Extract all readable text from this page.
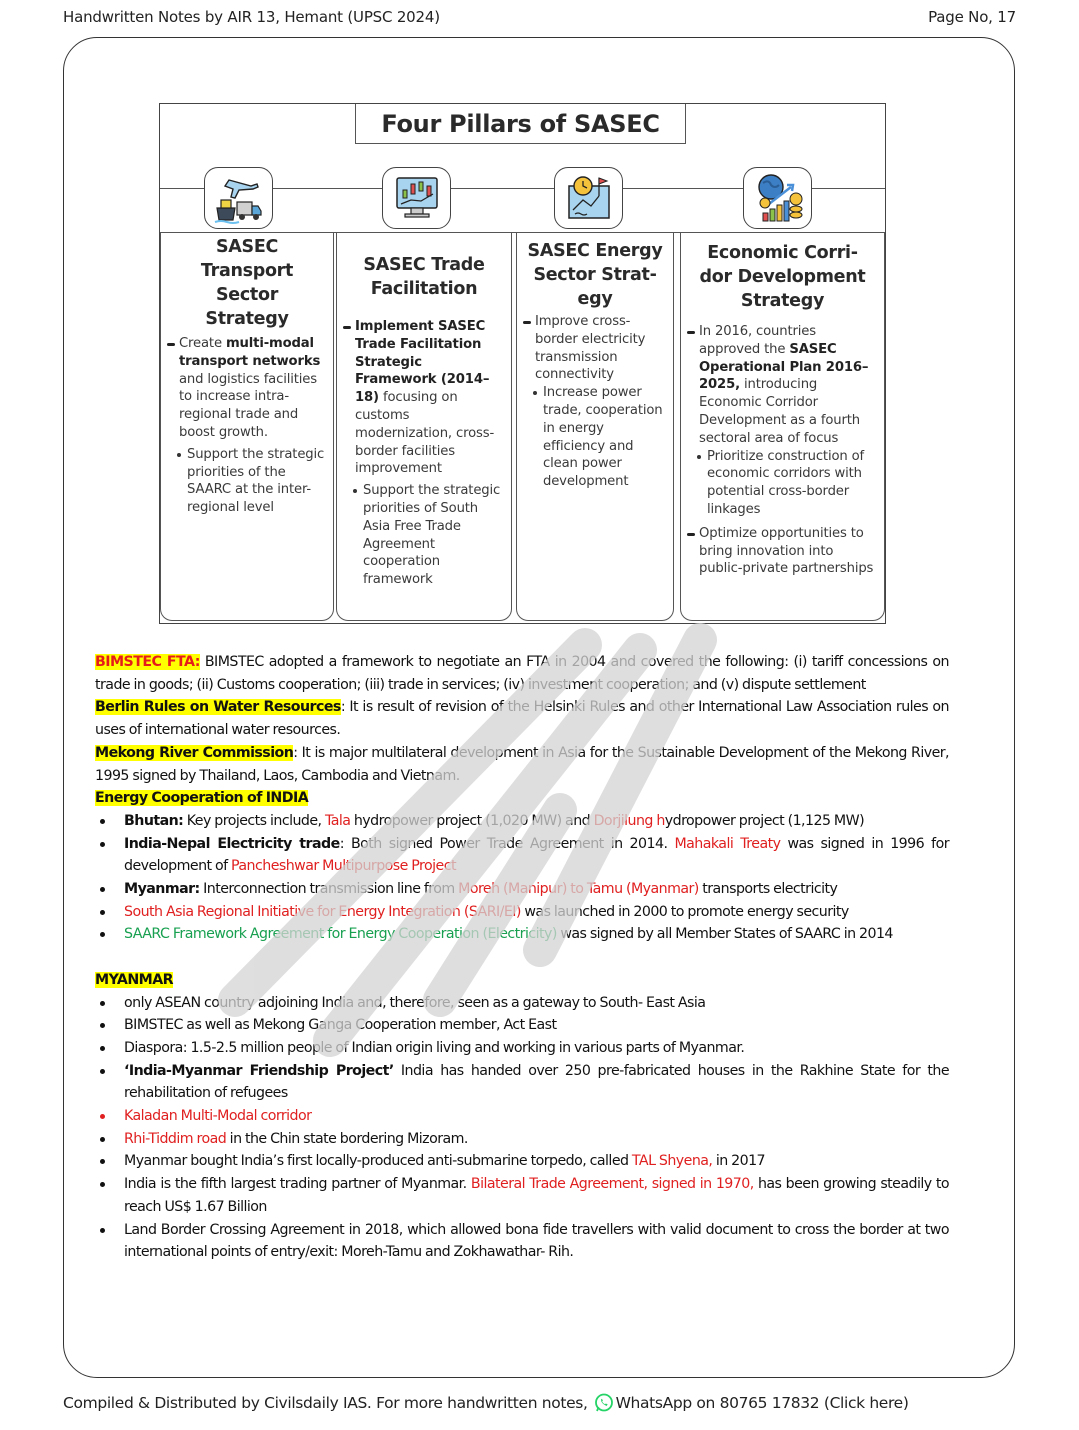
Handwritten Notes by AIR 13, Hemant (UPSC 2024)	Page No, 17
Four Pillars of SASEC
SASEC
Transport
Sector
Strategy
Create multi-modal transport networks and logistics facilities to increase intra-regional trade and boost growth.
Support the strategic priorities of the SAARC at the inter-regional level
SASEC Trade
Facilitation
Implement SASEC Trade Facilitation Strategic Framework (2014–18) focusing on customs modernization, cross-border facilities improvement
Support the strategic priorities of South Asia Free Trade Agreement cooperation framework
SASEC Energy
Sector Strat-
egy
Improve cross-border electricity transmission connectivity
Increase power trade, cooperation in energy efficiency and clean power development
Economic Corri-
dor Development
Strategy
In 2016, countries approved the SASEC Operational Plan 2016–2025, introducing Economic Corridor Development as a fourth sectoral area of focus
Prioritize construction of economic corridors with potential cross-border linkages
Optimize opportunities to bring innovation into public-private partnerships
BIMSTEC FTA: BIMSTEC adopted a framework to negotiate an FTA in 2004 and covered the following: (i) tariff concessions on trade in goods; (ii) Customs cooperation; (iii) trade in services; (iv) investment cooperation; and (v) dispute settlement
Berlin Rules on Water Resources: It is result of revision of the Helsinki Rules and other International Law Association rules on uses of international water resources.
Mekong River Commission: It is major multilateral development in Asia for the Sustainable Development of the Mekong River, 1995 signed by Thailand, Laos, Cambodia and Vietnam.
Energy Cooperation of INDIA
Bhutan: Key projects include, Tala hydropower project (1,020 MW) and Dorjilung hydropower project (1,125 MW)
India-Nepal Electricity trade: Both signed Power Trade Agreement in 2014. Mahakali Treaty was signed in 1996 for development of Pancheshwar Multipurpose Project
Myanmar: Interconnection transmission line from Moreh (Manipur) to Tamu (Myanmar) transports electricity
South Asia Regional Initiative for Energy Integration (SARI/EI) was launched in 2000 to promote energy security
SAARC Framework Agreement for Energy Cooperation (Electricity) was signed by all Member States of SAARC in 2014
MYANMAR
only ASEAN country adjoining India and, therefore, seen as a gateway to South- East Asia
BIMSTEC as well as Mekong Ganga Cooperation member, Act East
Diaspora: 1.5-2.5 million people of Indian origin living and working in various parts of Myanmar.
‘India-Myanmar Friendship Project’ India has handed over 250 pre-fabricated houses in the Rakhine State for the rehabilitation of refugees
Kaladan Multi-Modal corridor
Rhi-Tiddim road in the Chin state bordering Mizoram.
Myanmar bought India’s first locally-produced anti-submarine torpedo, called TAL Shyena, in 2017
India is the fifth largest trading partner of Myanmar. Bilateral Trade Agreement, signed in 1970, has been growing steadily to reach US$ 1.67 Billion
Land Border Crossing Agreement in 2018, which allowed bona fide travellers with valid document to cross the border at two international points of entry/exit: Moreh-Tamu and Zokhawathar- Rih.
Compiled & Distributed by Civilsdaily IAS. For more handwritten notes, WhatsApp on 80765 17832 (Click here)
